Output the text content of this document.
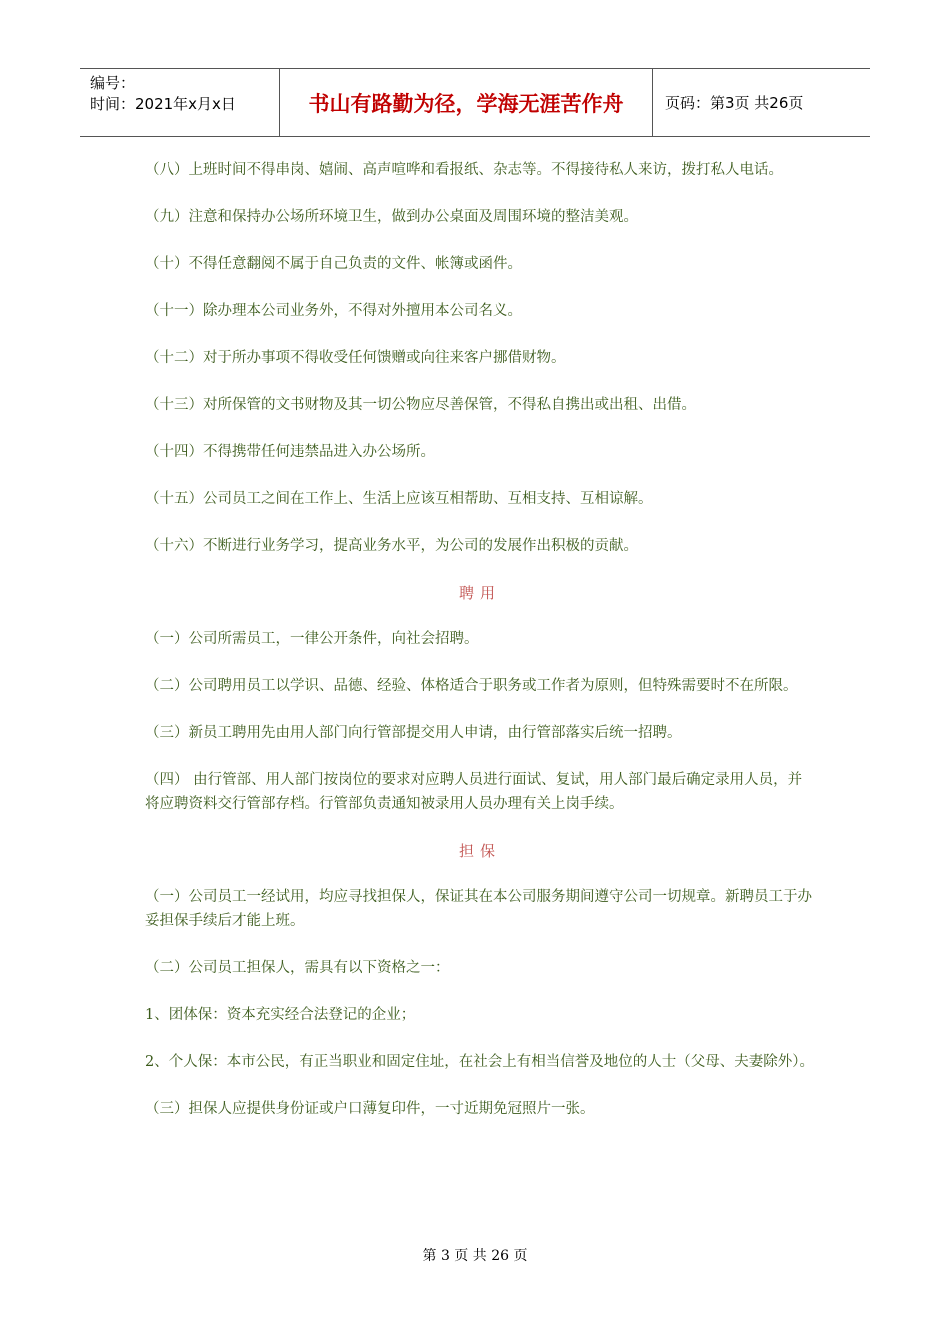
编号：
时间：2021年x月x日	书山有路勤为径，学海无涯苦作舟	页码：第3页 共26页

（八）上班时间不得串岗、嬉闹、高声喧哗和看报纸、杂志等。不得接待私人来访，拨打私人电话。

（九）注意和保持办公场所环境卫生，做到办公桌面及周围环境的整洁美观。

（十）不得任意翻阅不属于自己负责的文件、帐簿或函件。

（十一）除办理本公司业务外，不得对外擅用本公司名义。

（十二）对于所办事项不得收受任何馈赠或向往来客户挪借财物。

（十三）对所保管的文书财物及其一切公物应尽善保管，不得私自携出或出租、出借。

（十四）不得携带任何违禁品进入办公场所。

（十五）公司员工之间在工作上、生活上应该互相帮助、互相支持、互相谅解。

（十六）不断进行业务学习，提高业务水平，为公司的发展作出积极的贡献。

聘用

（一）公司所需员工，一律公开条件，向社会招聘。

（二）公司聘用员工以学识、品德、经验、体格适合于职务或工作者为原则，但特殊需要时不在所限。

（三）新员工聘用先由用人部门向行管部提交用人申请，由行管部落实后统一招聘。

（四） 由行管部、用人部门按岗位的要求对应聘人员进行面试、复试，用人部门最后确定录用人员，并将应聘资料交行管部存档。行管部负责通知被录用人员办理有关上岗手续。

担保

（一）公司员工一经试用，均应寻找担保人，保证其在本公司服务期间遵守公司一切规章。新聘员工于办妥担保手续后才能上班。

（二）公司员工担保人，需具有以下资格之一：

1、团体保：资本充实经合法登记的企业；

2、个人保：本市公民，有正当职业和固定住址，在社会上有相当信誉及地位的人士（父母、夫妻除外）。

（三）担保人应提供身份证或户口薄复印件，一寸近期免冠照片一张。

第 3 页 共 26 页
